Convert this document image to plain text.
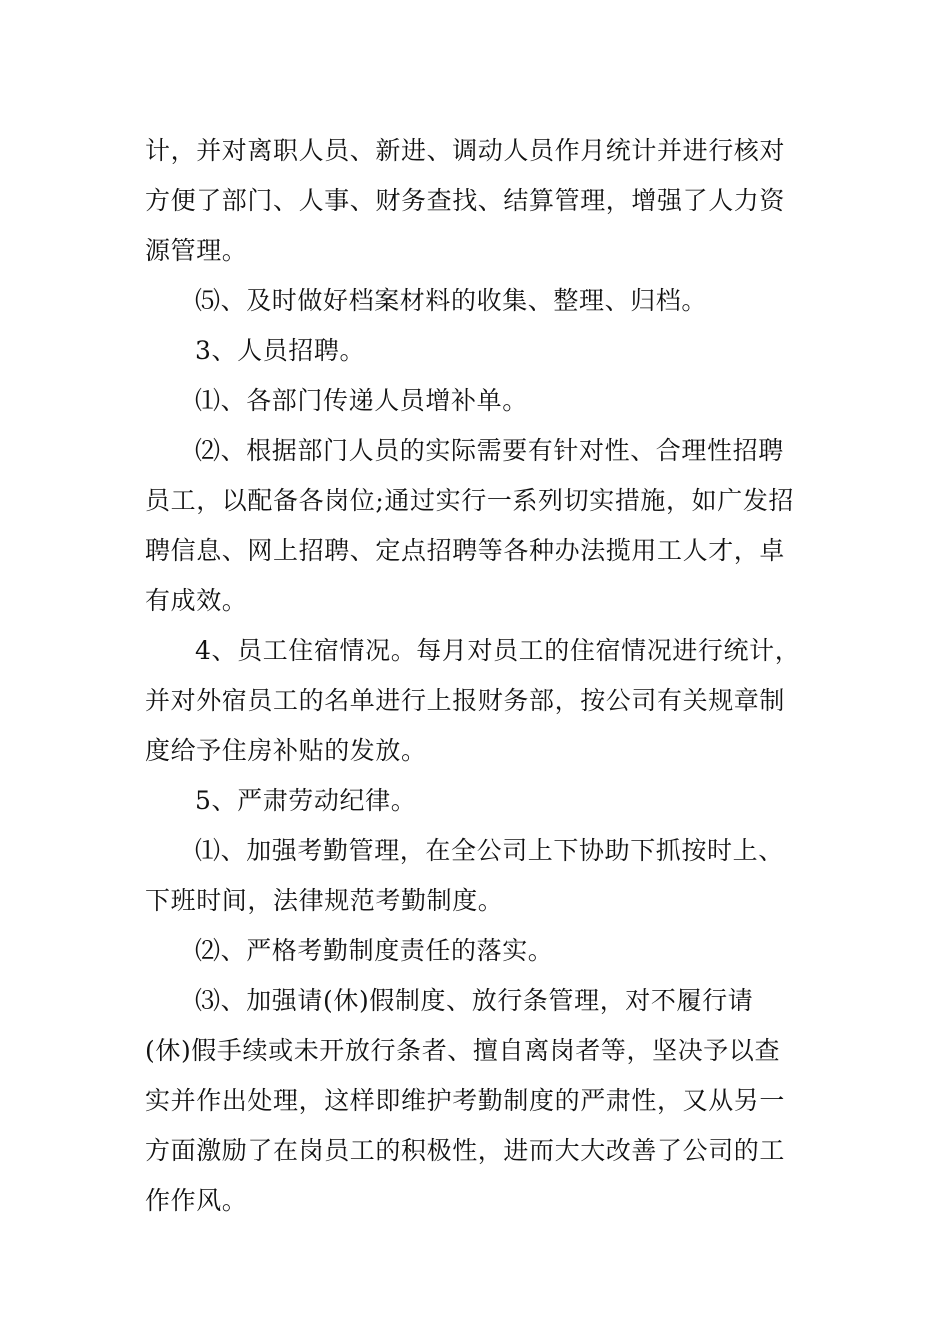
计，并对离职人员、新进、调动人员作月统计并进行核对
方便了部门、人事、财务查找、结算管理，增强了人力资
源管理。
⑸、及时做好档案材料的收集、整理、归档。
3、人员招聘。
⑴、各部门传递人员增补单。
⑵、根据部门人员的实际需要有针对性、合理性招聘
员工，以配备各岗位;通过实行一系列切实措施，如广发招
聘信息、网上招聘、定点招聘等各种办法揽用工人才，卓
有成效。
4、员工住宿情况。每月对员工的住宿情况进行统计，
并对外宿员工的名单进行上报财务部，按公司有关规章制
度给予住房补贴的发放。
5、严肃劳动纪律。
⑴、加强考勤管理，在全公司上下协助下抓按时上、
下班时间，法律规范考勤制度。
⑵、严格考勤制度责任的落实。
⑶、加强请(休)假制度、放行条管理，对不履行请
(休)假手续或未开放行条者、擅自离岗者等，坚决予以查
实并作出处理，这样即维护考勤制度的严肃性，又从另一
方面激励了在岗员工的积极性，进而大大改善了公司的工
作作风。
